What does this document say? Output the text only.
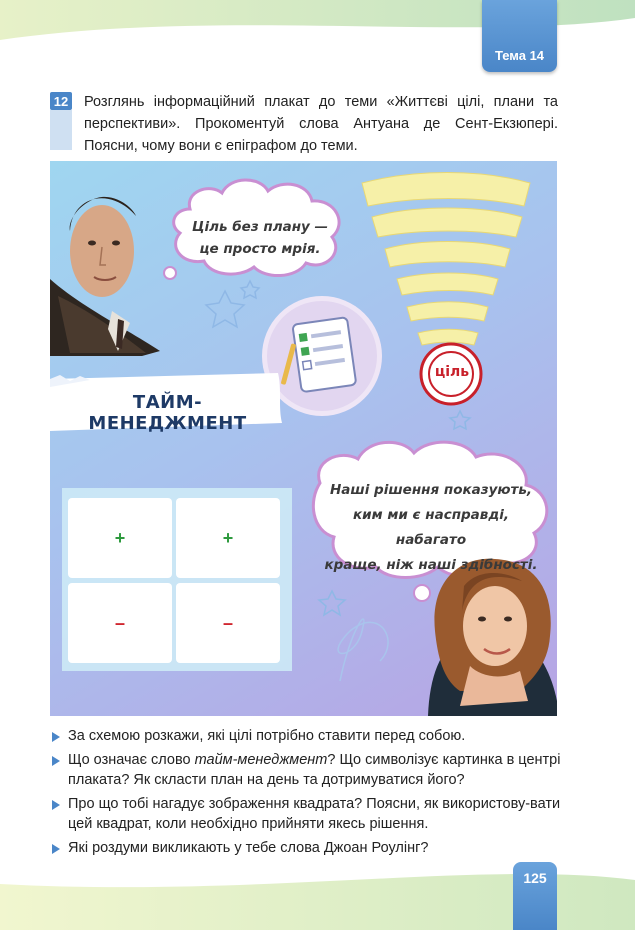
Тема 14
12 Розглянь інформаційний плакат до теми «Життєві цілі, плани та перспективи». Прокоментуй слова Антуана де Сент-Екзюпері. Поясни, чому вони є епіграфом до теми.
Ціль без плану —
це просто мрія.
ТАЙМ-МЕНЕДЖМЕНТ
ціль
Наші рішення показують,
ким ми є насправді, набагато
краще, ніж наші здібності.
+	+
–	–
За схемою розкажи, які цілі потрібно ставити перед собою.
Що означає слово тайм-менеджмент? Що символізує картинка в центрі плаката? Як скласти план на день та дотримуватися його?
Про що тобі нагадує зображення квадрата? Поясни, як використову-вати цей квадрат, коли необхідно прийняти якесь рішення.
Які роздуми викликають у тебе слова Джоан Роулінг?
125
